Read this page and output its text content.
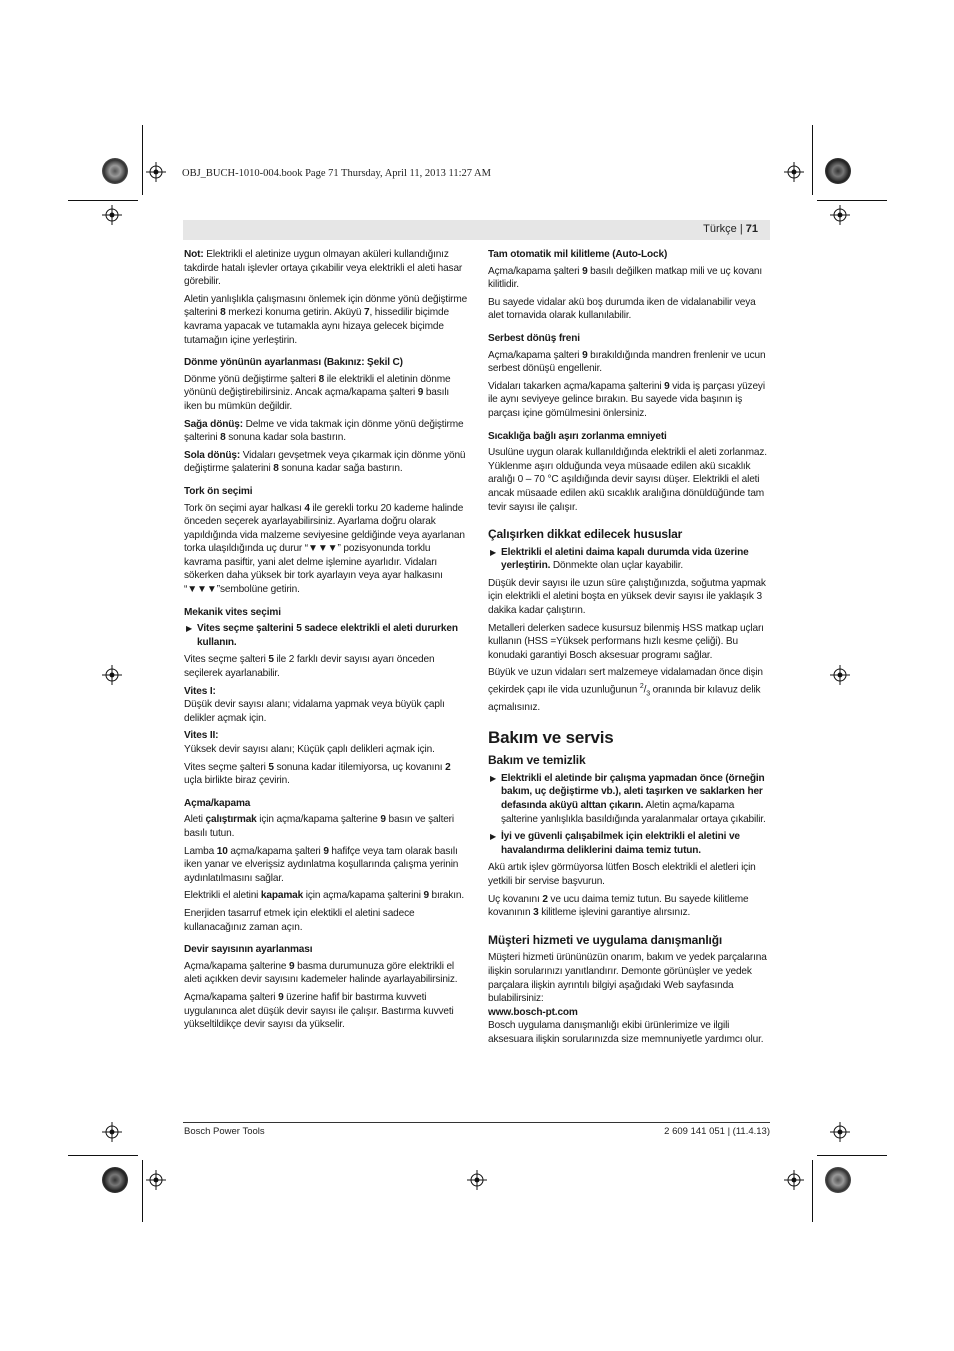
OBJ_BUCH-1010-004.book Page 71 Thursday, April 11, 2013 11:27 AM
Türkçe | 71

Not: Elektrikli el aletinize uygun olmayan aküleri kullandığınız takdirde hatalı işlevler ortaya çıkabilir veya elektrikli el aleti hasar görebilir.

Aletin yanlışlıkla çalışmasını önlemek için dönme yönü değiştirme şalterini 8 merkezi konuma getirin. Aküyü 7, hissedilir biçimde kavrama yapacak ve tutamakla aynı hizaya gelecek biçimde tutamağın içine yerleştirin.

Dönme yönünün ayarlanması (Bakınız: Şekil C)

Dönme yönü değiştirme şalteri 8 ile elektrikli el aletinin dönme yönünü değiştirebilirsiniz. Ancak açma/kapama şalteri 9 basılı iken bu mümkün değildir.

Sağa dönüş: Delme ve vida takmak için dönme yönü değiştirme şalterini 8 sonuna kadar sola bastırın.

Sola dönüş: Vidaları gevşetmek veya çıkarmak için dönme yönü değiştirme şalaterini 8 sonuna kadar sağa bastırın.

Tork ön seçimi

Tork ön seçimi ayar halkası 4 ile gerekli torku 20 kademe halinde önceden seçerek ayarlayabilirsiniz. Ayarlama doğru olarak yapıldığında vida malzeme seviyesine geldiğinde veya ayarlanan torka ulaşıldığında uç durur “▼▼▼” pozisyonunda torklu kavrama pasiftir, yani alet delme işlemine ayarlıdır. Vidaları sökerken daha yüksek bir tork ayarlayın veya ayar halkasını “▼▼▼”sembolüne getirin.

Mekanik vites seçimi
▶ Vites seçme şalterini 5 sadece elektrikli el aleti dururken kullanın.

Vites seçme şalteri 5 ile 2 farklı devir sayısı ayarı önceden seçilerek ayarlanabilir.

Vites I:

Düşük devir sayısı alanı; vidalama yapmak veya büyük çaplı delikler açmak için.

Vites II:

Yüksek devir sayısı alanı; Küçük çaplı delikleri açmak için.

Vites seçme şalteri 5 sonuna kadar itilemiyorsa, uç kovanını 2 uçla birlikte biraz çevirin.

Açma/kapama

Aleti çalıştırmak için açma/kapama şalterine 9 basın ve şalteri basılı tutun.

Lamba 10 açma/kapama şalteri 9 hafifçe veya tam olarak basılı iken yanar ve elverişsiz aydınlatma koşullarında çalışma yerinin aydınlatılmasını sağlar.

Elektrikli el aletini kapamak için açma/kapama şalterini 9 bırakın.

Enerjiden tasarruf etmek için elektikli el aletini sadece kullanacağınız zaman açın.

Devir sayısının ayarlanması

Açma/kapama şalterine 9 basma durumunuza göre elektrikli el aleti açıkken devir sayısını kademeler halinde ayarlayabilirsiniz.

Açma/kapama şalteri 9 üzerine hafif bir bastırma kuvveti uygulanınca alet düşük devir sayısı ile çalışır. Bastırma kuvveti yükseltildikçe devir sayısı da yükselir.

Tam otomatik mil kilitleme (Auto-Lock)

Açma/kapama şalteri 9 basılı değilken matkap mili ve uç kovanı kilitlidir.

Bu sayede vidalar akü boş durumda iken de vidalanabilir veya alet tornavida olarak kullanılabilir.

Serbest dönüş freni

Açma/kapama şalteri 9 bırakıldığında mandren frenlenir ve ucun serbest dönüşü engellenir.

Vidaları takarken açma/kapama şalterini 9 vida iş parçası yüzeyi ile aynı seviyeye gelince bırakın. Bu sayede vida başının iş parçası içine gömülmesini önlersiniz.

Sıcaklığa bağlı aşırı zorlanma emniyeti

Usulüne uygun olarak kullanıldığında elektrikli el aleti zorlanmaz. Yüklenme aşırı olduğunda veya müsaade edilen akü sıcaklık aralığı 0 – 70 °C aşıldığında devir sayısı düşer. Elektrikli el aleti ancak müsaade edilen akü sıcaklık aralığına dönüldüğünde tam tevir sayısı ile çalışır.

Çalışırken dikkat edilecek hususlar
▶ Elektrikli el aletini daima kapalı durumda vida üzerine yerleştirin. Dönmekte olan uçlar kayabilir.

Düşük devir sayısı ile uzun süre çalıştığınızda, soğutma yapmak için elektrikli el aletini boşta en yüksek devir sayısı ile yaklaşık 3 dakika kadar çalıştırın.

Metalleri delerken sadece kusursuz bilenmiş HSS matkap uçları kullanın (HSS =Yüksek performans hızlı kesme çeliği). Bu konudaki garantiyi Bosch aksesuar programı sağlar.

Büyük ve uzun vidaları sert malzemeye vidalamadan önce dişin çekirdek çapı ile vida uzunluğunun $^2/_3$ oranında bir kılavuz delik açmalısınız.

Bakım ve servis
Bakım ve temizlik
▶ Elektrikli el aletinde bir çalışma yapmadan önce (örneğin bakım, uç değiştirme vb.), aleti taşırken ve saklarken her defasında aküyü alttan çıkarın. Aletin açma/kapama şalterine yanlışlıkla basıldığında yaralanmalar ortaya çıkabilir.
▶ İyi ve güvenli çalışabilmek için elektrikli el aletini ve havalandırma deliklerini daima temiz tutun.

Akü artık işlev görmüyorsa lütfen Bosch elektrikli el aletleri için yetkili bir servise başvurun.

Uç kovanını 2 ve ucu daima temiz tutun. Bu sayede kilitleme kovanının 3 kilitleme işlevini garantiye alırsınız.

Müşteri hizmeti ve uygulama danışmanlığı

Müşteri hizmeti ürününüzün onarım, bakım ve yedek parçalarına ilişkin sorularınızı yanıtlandırır. Demonte görünüşler ve yedek parçalara ilişkin ayrıntılı bilgiyi aşağıdaki Web sayfasında bulabilirsiniz:

www.bosch-pt.com

Bosch uygulama danışmanlığı ekibi ürünlerimize ve ilgili aksesuara ilişkin sorularınızda size memnuniyetle yardımcı olur.

Bosch Power Tools	2 609 141 051 | (11.4.13)
